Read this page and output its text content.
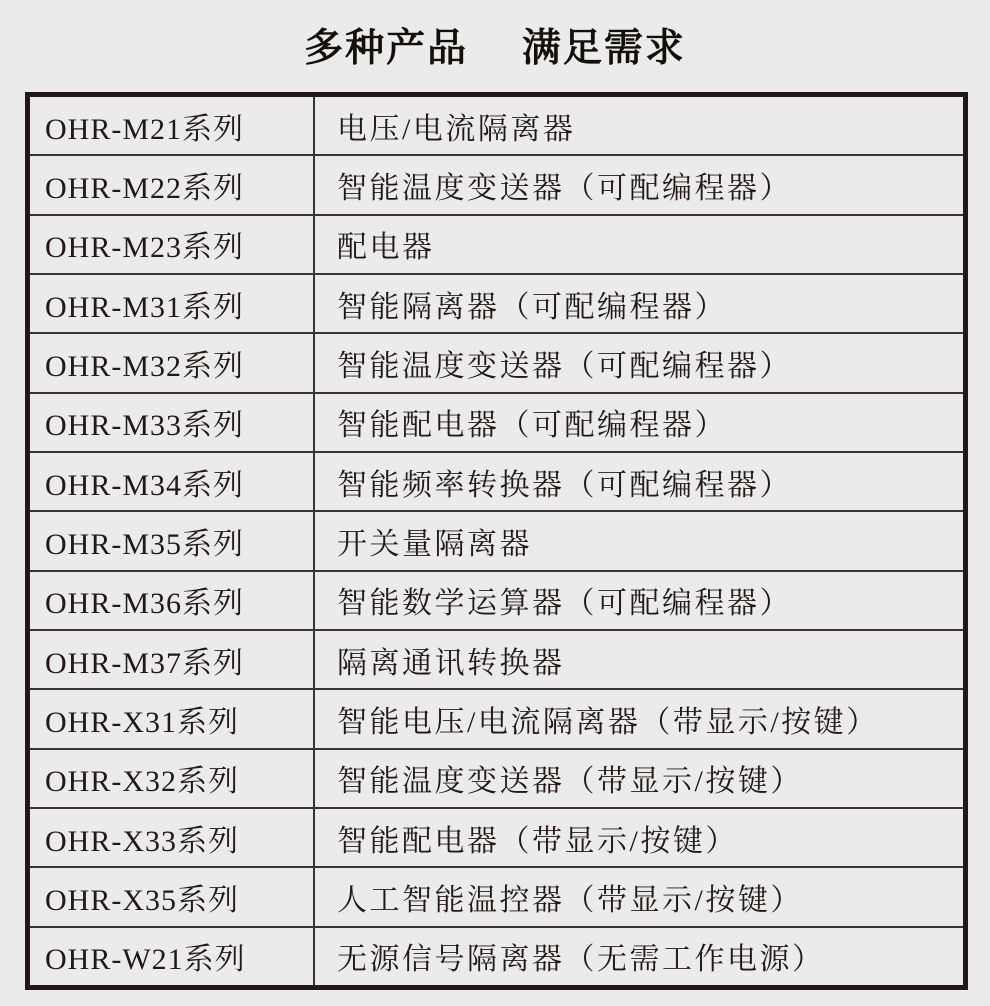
多种产品　 满足需求
OHR-M21系列	电压/电流隔离器
OHR-M22系列	智能温度变送器（可配编程器）
OHR-M23系列	配电器
OHR-M31系列	智能隔离器（可配编程器）
OHR-M32系列	智能温度变送器（可配编程器）
OHR-M33系列	智能配电器（可配编程器）
OHR-M34系列	智能频率转换器（可配编程器）
OHR-M35系列	开关量隔离器
OHR-M36系列	智能数学运算器（可配编程器）
OHR-M37系列	隔离通讯转换器
OHR-X31系列	智能电压/电流隔离器（带显示/按键）
OHR-X32系列	智能温度变送器（带显示/按键）
OHR-X33系列	智能配电器（带显示/按键）
OHR-X35系列	人工智能温控器（带显示/按键）
OHR-W21系列	无源信号隔离器（无需工作电源）
